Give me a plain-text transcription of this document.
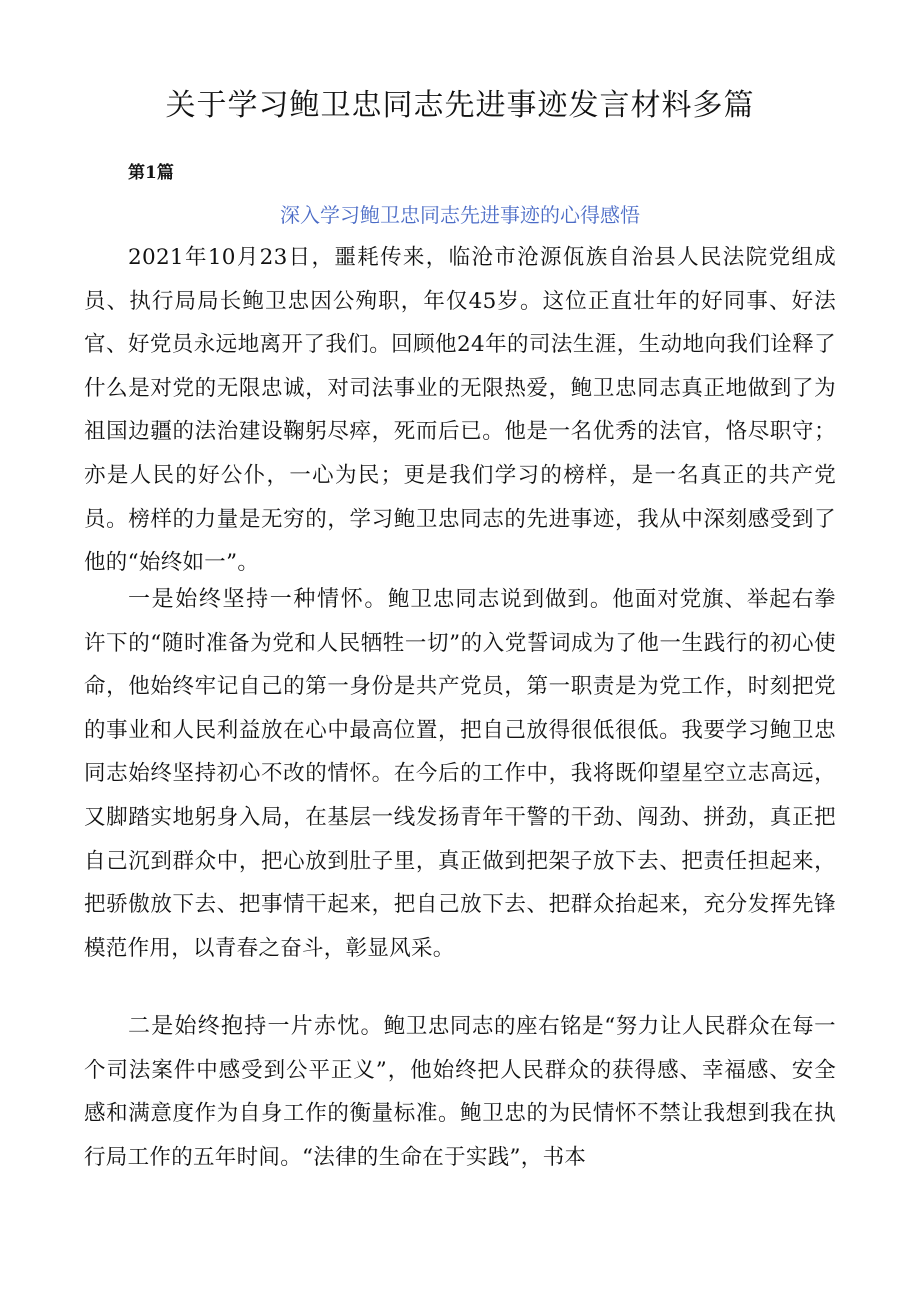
关于学习鲍卫忠同志先进事迹发言材料多篇
第1篇
深入学习鲍卫忠同志先进事迹的心得感悟

2021年10月23日，噩耗传来，临沧市沧源佤族自治县人民法院党组成员、执行局局长鲍卫忠因公殉职，年仅45岁。这位正直壮年的好同事、好法官、好党员永远地离开了我们。回顾他24年的司法生涯，生动地向我们诠释了什么是对党的无限忠诚，对司法事业的无限热爱，鲍卫忠同志真正地做到了为祖国边疆的法治建设鞠躬尽瘁，死而后已。他是一名优秀的法官，恪尽职守；亦是人民的好公仆，一心为民；更是我们学习的榜样，是一名真正的共产党员。榜样的力量是无穷的，学习鲍卫忠同志的先进事迹，我从中深刻感受到了他的“始终如一”。

一是始终坚持一种情怀。鲍卫忠同志说到做到。他面对党旗、举起右拳许下的“随时准备为党和人民牺牲一切”的入党誓词成为了他一生践行的初心使命，他始终牢记自己的第一身份是共产党员，第一职责是为党工作，时刻把党的事业和人民利益放在心中最高位置，把自己放得很低很低。我要学习鲍卫忠同志始终坚持初心不改的情怀。在今后的工作中，我将既仰望星空立志高远，又脚踏实地躬身入局，在基层一线发扬青年干警的干劲、闯劲、拼劲，真正把自己沉到群众中，把心放到肚子里，真正做到把架子放下去、把责任担起来，把骄傲放下去、把事情干起来，把自己放下去、把群众抬起来，充分发挥先锋模范作用，以青春之奋斗，彰显风采。

二是始终抱持一片赤忱。鲍卫忠同志的座右铭是“努力让人民群众在每一个司法案件中感受到公平正义”，他始终把人民群众的获得感、幸福感、安全感和满意度作为自身工作的衡量标准。鲍卫忠的为民情怀不禁让我想到我在执行局工作的五年时间。“法律的生命在于实践”，书本
